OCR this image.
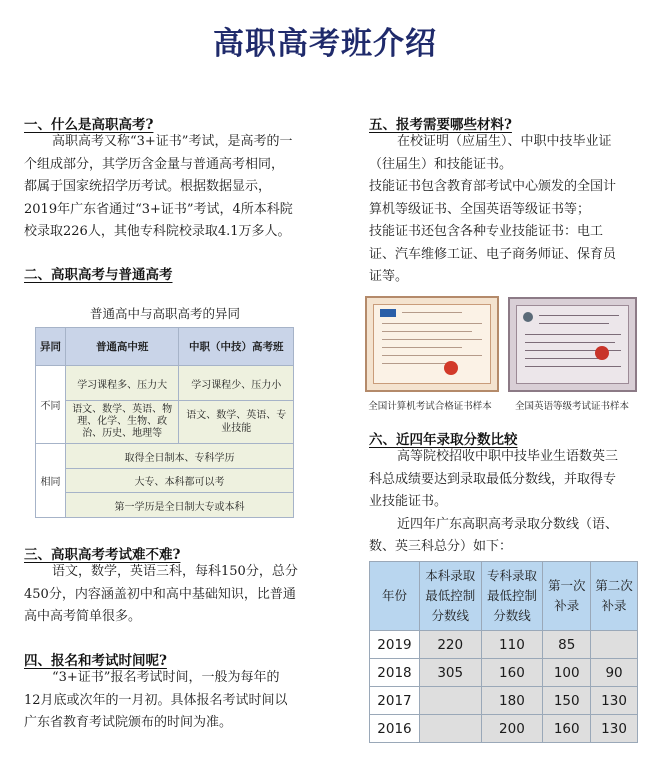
高职高考班介绍
一、什么是高职高考?
高职高考又称“3+证书”考试，是高考的一
个组成部分，其学历含金量与普通高考相同，
都属于国家统招学历考试。根据数据显示，
2019年广东省通过“3+证书”考试，4所本科院
校录取226人，其他专科院校录取4.1万多人。
二、高职高考与普通高考
普通高中与高职高考的异同
异同	普通高中班	中职（中技）高考班
不同	学习课程多、压力大	学习课程少、压力小
	语文、数学、英语、物理、化学、生物、政治、历史、地理等	语文、数学、英语、专业技能
相同	取得全日制本、专科学历	
	大专、本科都可以考	
	第一学历是全日制大专或本科	
三、高职高考考试难不难?
语文，数学，英语三科，每科150分，总分
450分，内容涵盖初中和高中基础知识，比普通
高中高考简单很多。
四、报名和考试时间呢?
“3+证书”报名考试时间，一般为每年的
12月底或次年的一月初。具体报名考试时间以
广东省教育考试院颁布的时间为准。
五、报考需要哪些材料?
在校证明（应届生）、中职中技毕业证
（往届生）和技能证书。
技能证书包含教育部考试中心颁发的全国计
算机等级证书、全国英语等级证书等；
技能证书还包含各种专业技能证书：电工
证、汽车维修工证、电子商务师证、保育员
证等。
全国计算机考试合格证书样本	全国英语等级考试证书样本
六、近四年录取分数比较
高等院校招收中职中技毕业生语数英三
科总成绩要达到录取最低分数线，并取得专
业技能证书。
近四年广东高职高考录取分数线（语、
数、英三科总分）如下：
年份	本科录取最低控制分数线	专科录取最低控制分数线	第一次补录	第二次补录
2019	220	110	85	
2018	305	160	100	90
2017		180	150	130
2016		200	160	130
